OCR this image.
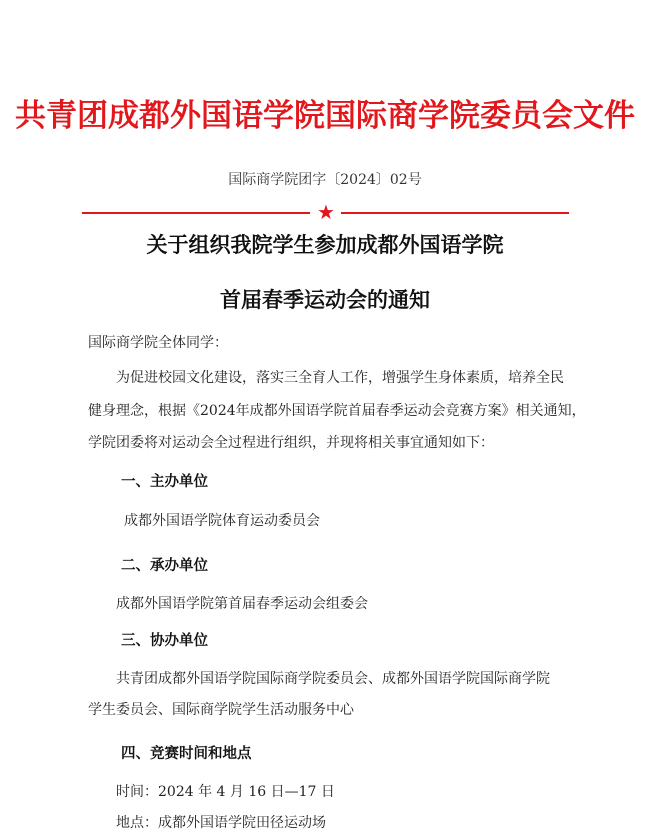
共青团成都外国语学院国际商学院委员会文件
国际商学院团字〔2024〕02号
★
关于组织我院学生参加成都外国语学院
首届春季运动会的通知
国际商学院全体同学：
为促进校园文化建设，落实三全育人工作，增强学生身体素质，培养全民
健身理念，根据《2024年成都外国语学院首届春季运动会竞赛方案》相关通知，
学院团委将对运动会全过程进行组织，并现将相关事宜通知如下：
一、主办单位
成都外国语学院体育运动委员会
二、承办单位
成都外国语学院第首届春季运动会组委会
三、协办单位
共青团成都外国语学院国际商学院委员会、成都外国语学院国际商学院
学生委员会、国际商学院学生活动服务中心
四、竞赛时间和地点
时间：2024 年 4 月 16 日—17 日
地点：成都外国语学院田径运动场
